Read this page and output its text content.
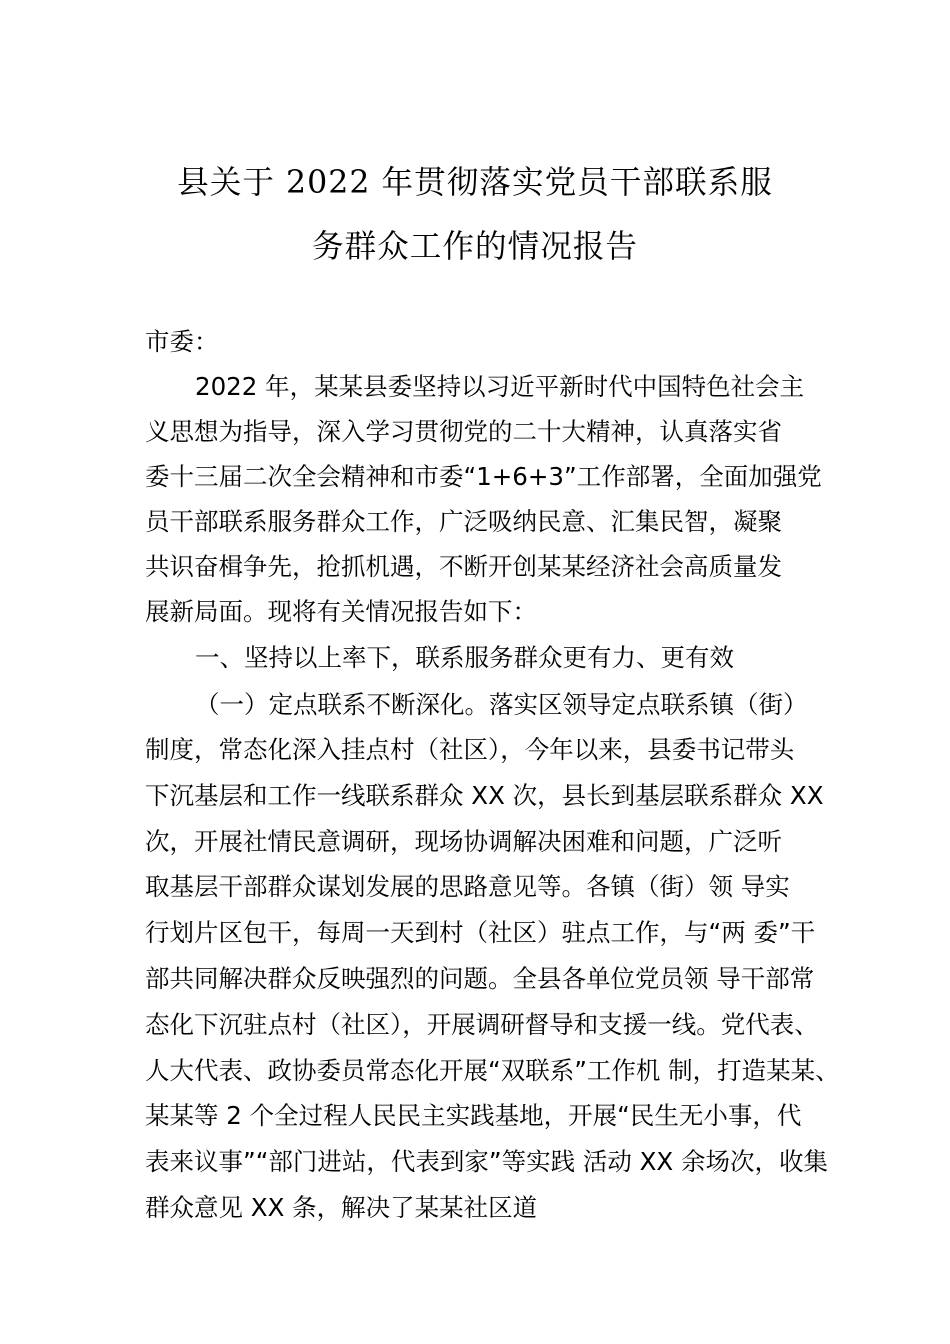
县关于 2022 年贯彻落实党员干部联系服
务群众工作的情况报告
市委：
2022 年，某某县委坚持以习近平新时代中国特色社会主
义思想为指导，深入学习贯彻党的二十大精神，认真落实省
委十三届二次全会精神和市委“1+6+3”工作部署，全面加强党
员干部联系服务群众工作，广泛吸纳民意、汇集民智，凝聚
共识奋楫争先，抢抓机遇，不断开创某某经济社会高质量发
展新局面。现将有关情况报告如下：
一、坚持以上率下，联系服务群众更有力、更有效
（一）定点联系不断深化。落实区领导定点联系镇（街）
制度，常态化深入挂点村（社区），今年以来，县委书记带头
下沉基层和工作一线联系群众 XX 次，县长到基层联系群众 XX
次，开展社情民意调研，现场协调解决困难和问题，广泛听
取基层干部群众谋划发展的思路意见等。各镇（街）领 导实
行划片区包干，每周一天到村（社区）驻点工作，与“两 委”干
部共同解决群众反映强烈的问题。全县各单位党员领 导干部常
态化下沉驻点村（社区），开展调研督导和支援一线。党代表、
人大代表、政协委员常态化开展“双联系”工作机 制，打造某某、
某某等 2 个全过程人民民主实践基地，开展“民生无小事，代
表来议事”“部门进站，代表到家”等实践 活动 XX 余场次，收集
群众意见 XX 条，解决了某某社区道
